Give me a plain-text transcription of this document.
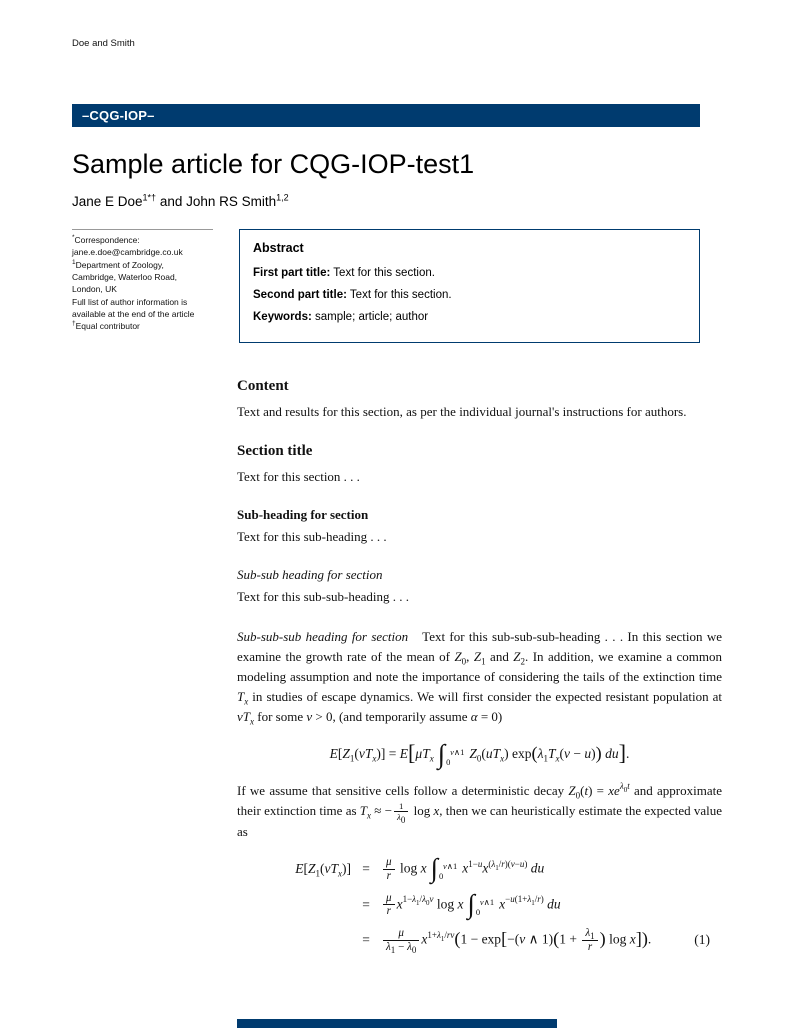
Doe and Smith
–CQG-IOP–
Sample article for CQG-IOP-test1
Jane E Doe$^{1*\dagger}$ and John RS Smith$^{1,2}$
*Correspondence:
jane.e.doe@cambridge.co.uk
$^1$Department of Zoology,
Cambridge, Waterloo Road,
London, UK
Full list of author information is
available at the end of the article
†Equal contributor
Abstract
First part title: Text for this section.
Second part title: Text for this section.
Keywords: sample; article; author
Content

Text and results for this section, as per the individual journal's instructions for authors.

Section title

Text for this section . . .

Sub-heading for section

Text for this sub-heading . . .

Sub-sub heading for section

Text for this sub-sub-heading . . .

Sub-sub-sub heading for section Text for this sub-sub-sub-heading . . . In this section we examine the growth rate of the mean of $Z_0$, $Z_1$ and $Z_2$. In addition, we examine a common modeling assumption and note the importance of considering the tails of the extinction time $T_x$ in studies of escape dynamics. We will first consider the expected resistant population at $vT_x$ for some v > 0, (and temporarily assume α = 0)

$E[Z_1(vT_x)] = E[\mu T_x$ ∫ v∧1
0
$Z_0(uT_x) \exp(\lambda_1T_x(v - u))$ du].

If we assume that sensitive cells follow a deterministic decay $Z_0(t) = xe^{\lambda_0t}$ and approximate their extinction time as $T_x$ ≈ − $\frac{1}{\lambda_0}$ log x, then we can heuristically estimate the expected value as

$E[Z_1(vT_x)]$ =	$\frac{\mu}{r}$ log x ∫ v∧1
0
$x^{1-u}x^{(\lambda_1/r)(v-u)}$ du
=	$\frac{\mu}{r} x^{1-\lambda_1/\lambda_0v}$ log x ∫ v∧1
0
$x^{-u(1+\lambda_1/r)}$ du
=	$\frac{\mu}{\lambda_1 - \lambda_0} x^{1+\lambda_1/rv}(1 - \exp[-(v$ ∧ $1)(1 + \frac{\lambda_1}{r}$ ) log x]).	(1)
